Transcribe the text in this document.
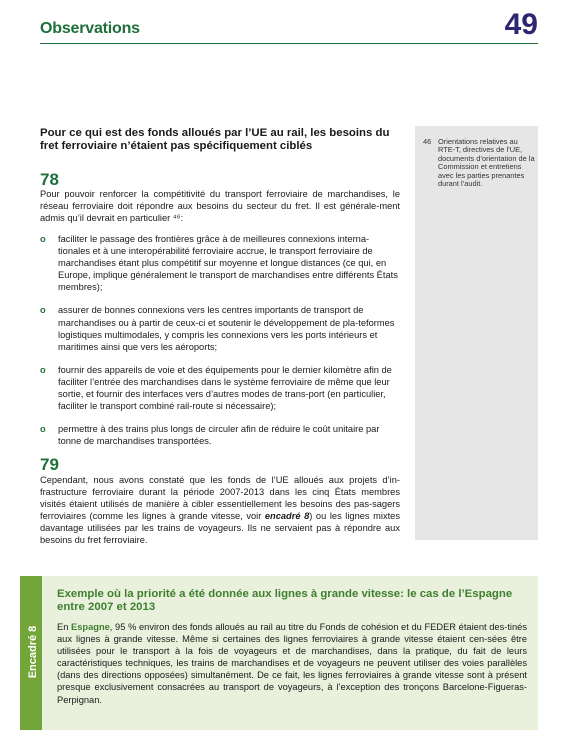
Observations	49
46 Orientations relatives au RTE-T, directives de l’UE, documents d’orientation de la Commission et entretiens avec les parties prenantes durant l’audit.
Pour ce qui est des fonds alloués par l’UE au rail, les besoins du fret ferroviaire n’étaient pas spécifiquement ciblés
78
Pour pouvoir renforcer la compétitivité du transport ferroviaire de marchandises, le réseau ferroviaire doit répondre aux besoins du secteur du fret. Il est générale-ment admis qu’il devrait en particulier ⁴⁶:
o faciliter le passage des frontières grâce à de meilleures connexions interna-tionales et à une interopérabilité ferroviaire accrue, le transport ferroviaire de marchandises étant plus compétitif sur moyenne et longue distances (ce qui, en Europe, implique généralement le transport de marchandises entre différents États membres);
o assurer de bonnes connexions vers les centres importants de transport de marchandises ou à partir de ceux-ci et soutenir le développement de pla-teformes logistiques multimodales, y compris les connexions vers les ports intérieurs et maritimes ainsi que vers les aéroports;
o fournir des appareils de voie et des équipements pour le dernier kilomètre afin de faciliter l’entrée des marchandises dans le système ferroviaire de même que leur sortie, et fournir des interfaces vers d’autres modes de trans-port (en particulier, faciliter le transport combiné rail-route si nécessaire);
o permettre à des trains plus longs de circuler afin de réduire le coût unitaire par tonne de marchandises transportées.
79
Cependant, nous avons constaté que les fonds de l’UE alloués aux projets d’in-frastructure ferroviaire durant la période 2007-2013 dans les cinq États membres visités étaient utilisés de manière à cibler essentiellement les besoins des pas-sagers ferroviaires (comme les lignes à grande vitesse, voir encadré 8) ou les lignes mixtes davantage utilisées par les trains de voyageurs. Ils ne servaient pas à répondre aux besoins du fret ferroviaire.
Encadré 8
Exemple où la priorité a été donnée aux lignes à grande vitesse: le cas de l’Espagne entre 2007 et 2013
En Espagne, 95 % environ des fonds alloués au rail au titre du Fonds de cohésion et du FEDER étaient des-tinés aux lignes à grande vitesse. Même si certaines des lignes ferroviaires à grande vitesse étaient cen-sées être utilisées pour le transport à la fois de voyageurs et de marchandises, dans la pratique, du fait de leurs caractéristiques techniques, les trains de marchandises et de voyageurs ne peuvent utiliser des voies parallèles (dans des directions opposées) simultanément. De ce fait, les lignes ferroviaires à grande vitesse sont à présent presque exclusivement consacrées au transport de voyageurs, à l’exception des tronçons Barcelone-Figueras-Perpignan.
